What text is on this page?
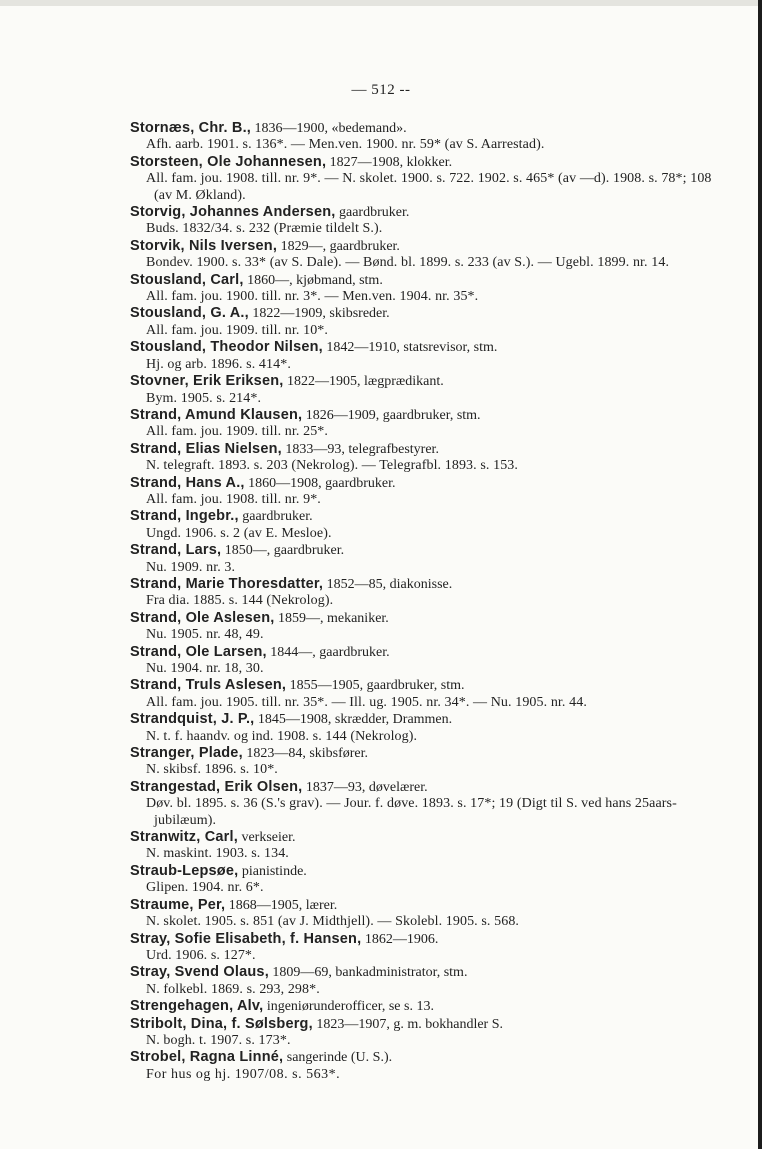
— 512 --
Stornæs, Chr. B., 1836—1900, «bedemand».
Afh. aarb. 1901. s. 136*. — Men.ven. 1900. nr. 59* (av S. Aarrestad).
Storsteen, Ole Johannesen, 1827—1908, klokker.
All. fam. jou. 1908. till. nr. 9*. — N. skolet. 1900. s. 722. 1902. s. 465* (av —d). 1908. s. 78*; 108 (av M. Økland).
Storvig, Johannes Andersen, gaardbruker.
Buds. 1832/34. s. 232 (Præmie tildelt S.).
Storvik, Nils Iversen, 1829—, gaardbruker.
Bondev. 1900. s. 33* (av S. Dale). — Bønd. bl. 1899. s. 233 (av S.). — Ugebl. 1899. nr. 14.
Stousland, Carl, 1860—, kjøbmand, stm.
All. fam. jou. 1900. till. nr. 3*. — Men.ven. 1904. nr. 35*.
Stousland, G. A., 1822—1909, skibsreder.
All. fam. jou. 1909. till. nr. 10*.
Stousland, Theodor Nilsen, 1842—1910, statsrevisor, stm.
Hj. og arb. 1896. s. 414*.
Stovner, Erik Eriksen, 1822—1905, lægprædikant.
Bym. 1905. s. 214*.
Strand, Amund Klausen, 1826—1909, gaardbruker, stm.
All. fam. jou. 1909. till. nr. 25*.
Strand, Elias Nielsen, 1833—93, telegrafbestyrer.
N. telegraft. 1893. s. 203 (Nekrolog). — Telegrafbl. 1893. s. 153.
Strand, Hans A., 1860—1908, gaardbruker.
All. fam. jou. 1908. till. nr. 9*.
Strand, Ingebr., gaardbruker.
Ungd. 1906. s. 2 (av E. Mesloe).
Strand, Lars, 1850—, gaardbruker.
Nu. 1909. nr. 3.
Strand, Marie Thoresdatter, 1852—85, diakonisse.
Fra dia. 1885. s. 144 (Nekrolog).
Strand, Ole Aslesen, 1859—, mekaniker.
Nu. 1905. nr. 48, 49.
Strand, Ole Larsen, 1844—, gaardbruker.
Nu. 1904. nr. 18, 30.
Strand, Truls Aslesen, 1855—1905, gaardbruker, stm.
All. fam. jou. 1905. till. nr. 35*. — Ill. ug. 1905. nr. 34*. — Nu. 1905. nr. 44.
Strandquist, J. P., 1845—1908, skrædder, Drammen.
N. t. f. haandv. og ind. 1908. s. 144 (Nekrolog).
Stranger, Plade, 1823—84, skibsfører.
N. skibsf. 1896. s. 10*.
Strangestad, Erik Olsen, 1837—93, døvelærer.
Døv. bl. 1895. s. 36 (S.'s grav). — Jour. f. døve. 1893. s. 17*; 19 (Digt til S. ved hans 25aars-jubilæum).
Stranwitz, Carl, verkseier.
N. maskint. 1903. s. 134.
Straub-Lepsøe, pianistinde.
Glipen. 1904. nr. 6*.
Straume, Per, 1868—1905, lærer.
N. skolet. 1905. s. 851 (av J. Midthjell). — Skolebl. 1905. s. 568.
Stray, Sofie Elisabeth, f. Hansen, 1862—1906.
Urd. 1906. s. 127*.
Stray, Svend Olaus, 1809—69, bankadministrator, stm.
N. folkebl. 1869. s. 293, 298*.
Strengehagen, Alv, ingeniørunderofficer, se s. 13.
Stribolt, Dina, f. Sølsberg, 1823—1907, g. m. bokhandler S.
N. bogh. t. 1907. s. 173*.
Strobel, Ragna Linné, sangerinde (U. S.).
For hus og hj. 1907/08. s. 563*.
